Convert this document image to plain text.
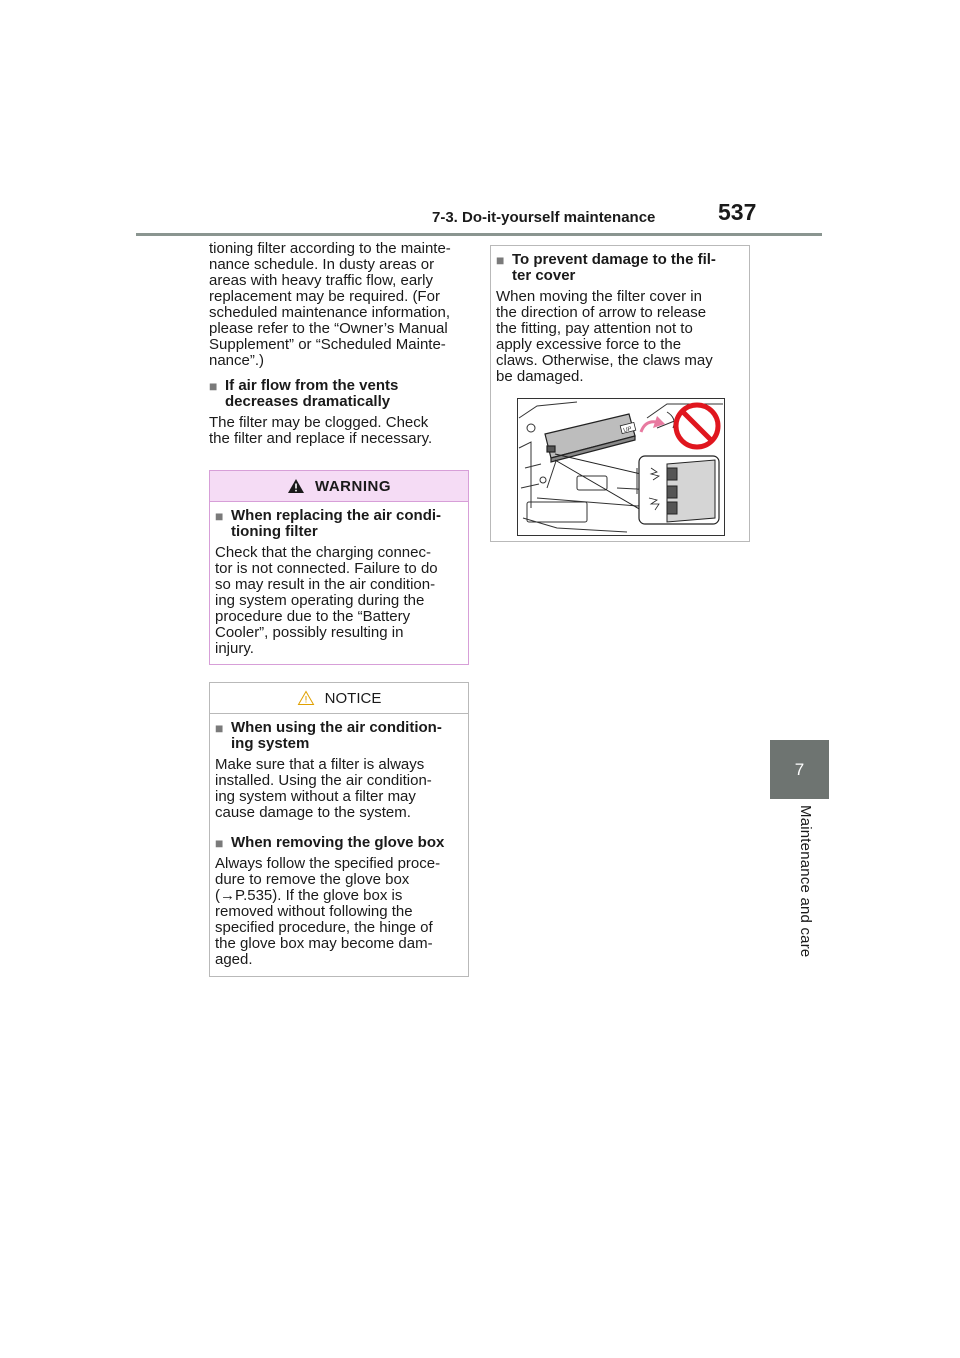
7-3. Do-it-yourself maintenance	537
7
Maintenance and care

tioning filter according to the mainte-
nance schedule. In dusty areas or
areas with heavy traffic flow, early
replacement may be required. (For
scheduled maintenance information,
please refer to the “Owner’s Manual
Supplement” or “Scheduled Mainte-
nance”.)

■ If air flow from the vents
decreases dramatically

The filter may be clogged. Check
the filter and replace if necessary.

WARNING
■ When replacing the air condi-
tioning filter

Check that the charging connec-
tor is not connected. Failure to do
so may result in the air condition-
ing system operating during the
procedure due to the “Battery
Cooler”, possibly resulting in
injury.

NOTICE
■ When using the air condition-
ing system

Make sure that a filter is always
installed. Using the air condition-
ing system without a filter may
cause damage to the system.

■ When removing the glove box

Always follow the specified proce-
dure to remove the glove box
(→P.535). If the glove box is
removed without following the
specified procedure, the hinge of
the glove box may become dam-
aged.

■ To prevent damage to the fil-
ter cover

When moving the filter cover in
the direction of arrow to release
the fitting, pay attention not to
apply excessive force to the
claws. Otherwise, the claws may
be damaged.

UP
